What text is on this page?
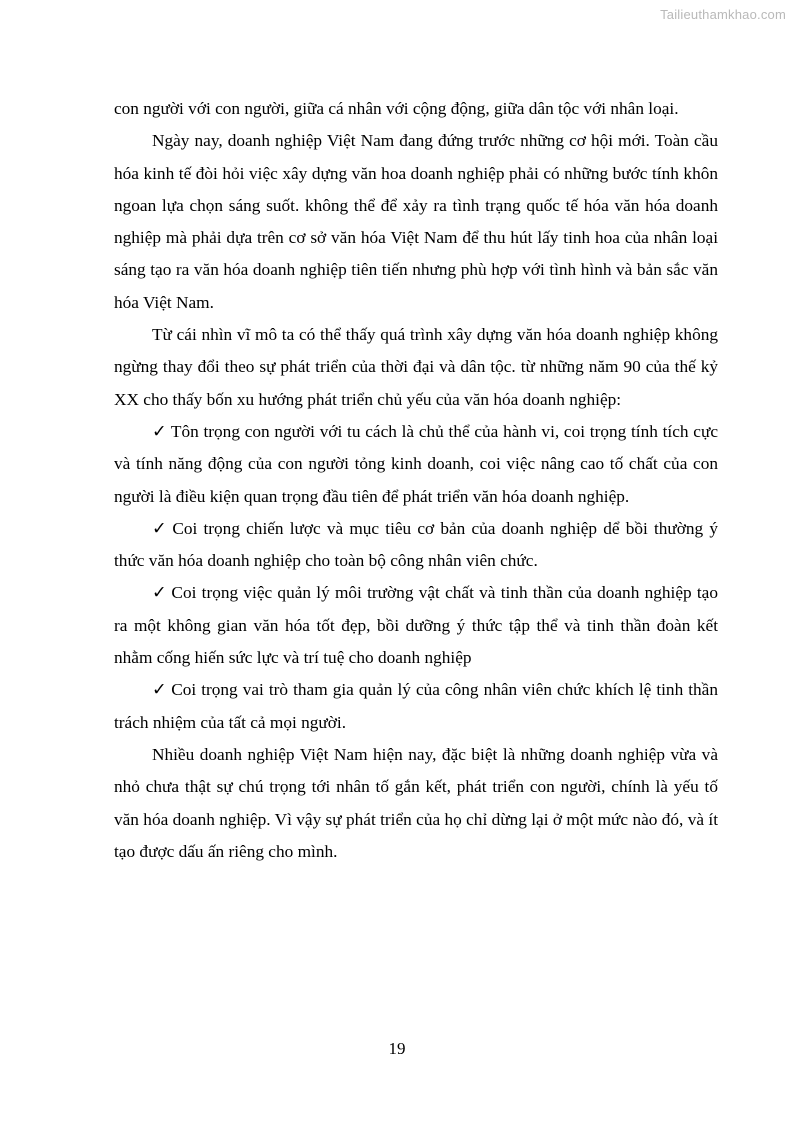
Tailieuthamkhao.com

con người với con người, giữa cá nhân với cộng động, giữa dân tộc với nhân loại.

Ngày nay, doanh nghiệp Việt Nam đang đứng trước những cơ hội mới. Toàn cầu hóa kinh tế đòi hỏi việc xây dựng văn hoa doanh nghiệp phải có những bước tính khôn ngoan lựa chọn sáng suốt. không thể để xảy ra tình trạng quốc tế hóa văn hóa doanh nghiệp mà phải dựa trên cơ sở văn hóa Việt Nam để thu hút lấy tinh hoa của nhân loại sáng tạo ra văn hóa doanh nghiệp tiên tiến nhưng phù hợp với tình hình và bản sắc văn hóa Việt Nam.

Từ cái nhìn vĩ mô ta có thể thấy quá trình xây dựng văn hóa doanh nghiệp không ngừng thay đổi theo sự phát triển của thời đại và dân tộc. từ những năm 90 của thế kỷ XX cho thấy bốn xu hướng phát triển chủ yếu của văn hóa doanh nghiệp:

✓ Tôn trọng con người với tu cách là chủ thể của hành vi, coi trọng tính tích cực và tính năng động của con người tỏng kinh doanh, coi việc nâng cao tố chất của con người là điều kiện quan trọng đầu tiên để phát triển văn hóa doanh nghiệp.

✓ Coi trọng chiến lược và mục tiêu cơ bản của doanh nghiệp dể bồi thường ý thức văn hóa doanh nghiệp cho toàn bộ công nhân viên chức.

✓ Coi trọng việc quản lý môi trường vật chất và tinh thần của doanh nghiệp tạo ra một không gian văn hóa tốt đẹp, bồi dưỡng ý thức tập thể và tinh thần đoàn kết nhằm cống hiến sức lực và trí tuệ cho doanh nghiệp

✓ Coi trọng vai trò tham gia quản lý của công nhân viên chức khích lệ tinh thần trách nhiệm của tất cả mọi người.

Nhiều doanh nghiệp Việt Nam hiện nay, đặc biệt là những doanh nghiệp vừa và nhỏ chưa thật sự chú trọng tới nhân tố gắn kết, phát triển con người, chính là yếu tố văn hóa doanh nghiệp. Vì vậy sự phát triển của họ chỉ dừng lại ở một mức nào đó, và ít tạo được dấu ấn riêng cho mình.

19
